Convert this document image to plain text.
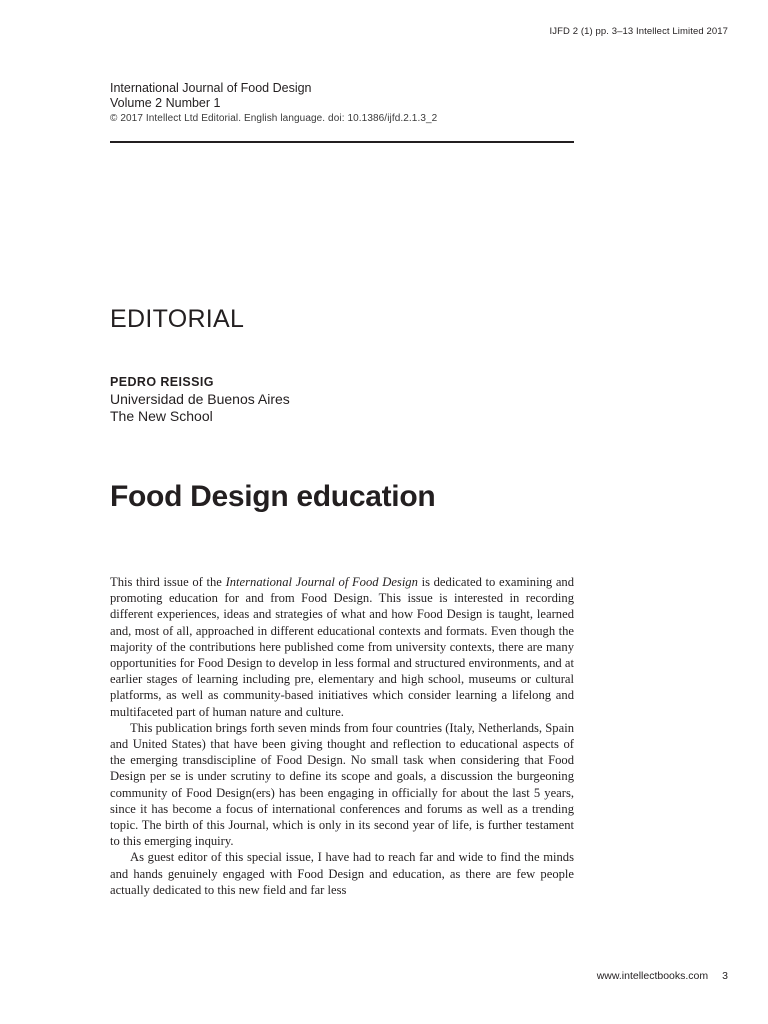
IJFD 2 (1) pp. 3–13 Intellect Limited 2017
International Journal of Food Design
Volume 2 Number 1
© 2017 Intellect Ltd Editorial. English language. doi: 10.1386/ijfd.2.1.3_2
EDITORIAL
PEDRO REISSIG
Universidad de Buenos Aires
The New School
Food Design education

This third issue of the International Journal of Food Design is dedicated to examining and promoting education for and from Food Design. This issue is interested in recording different experiences, ideas and strategies of what and how Food Design is taught, learned and, most of all, approached in different educational contexts and formats. Even though the majority of the contributions here published come from university contexts, there are many opportunities for Food Design to develop in less formal and structured environments, and at earlier stages of learning including pre, elementary and high school, museums or cultural platforms, as well as community-based initiatives which consider learning a lifelong and multifaceted part of human nature and culture.

This publication brings forth seven minds from four countries (Italy, Netherlands, Spain and United States) that have been giving thought and reflection to educational aspects of the emerging transdiscipline of Food Design. No small task when considering that Food Design per se is under scrutiny to define its scope and goals, a discussion the burgeoning community of Food Design(ers) has been engaging in officially for about the last 5 years, since it has become a focus of international conferences and forums as well as a trending topic. The birth of this Journal, which is only in its second year of life, is further testament to this emerging inquiry.

As guest editor of this special issue, I have had to reach far and wide to find the minds and hands genuinely engaged with Food Design and education, as there are few people actually dedicated to this new field and far less

www.intellectbooks.com 3
